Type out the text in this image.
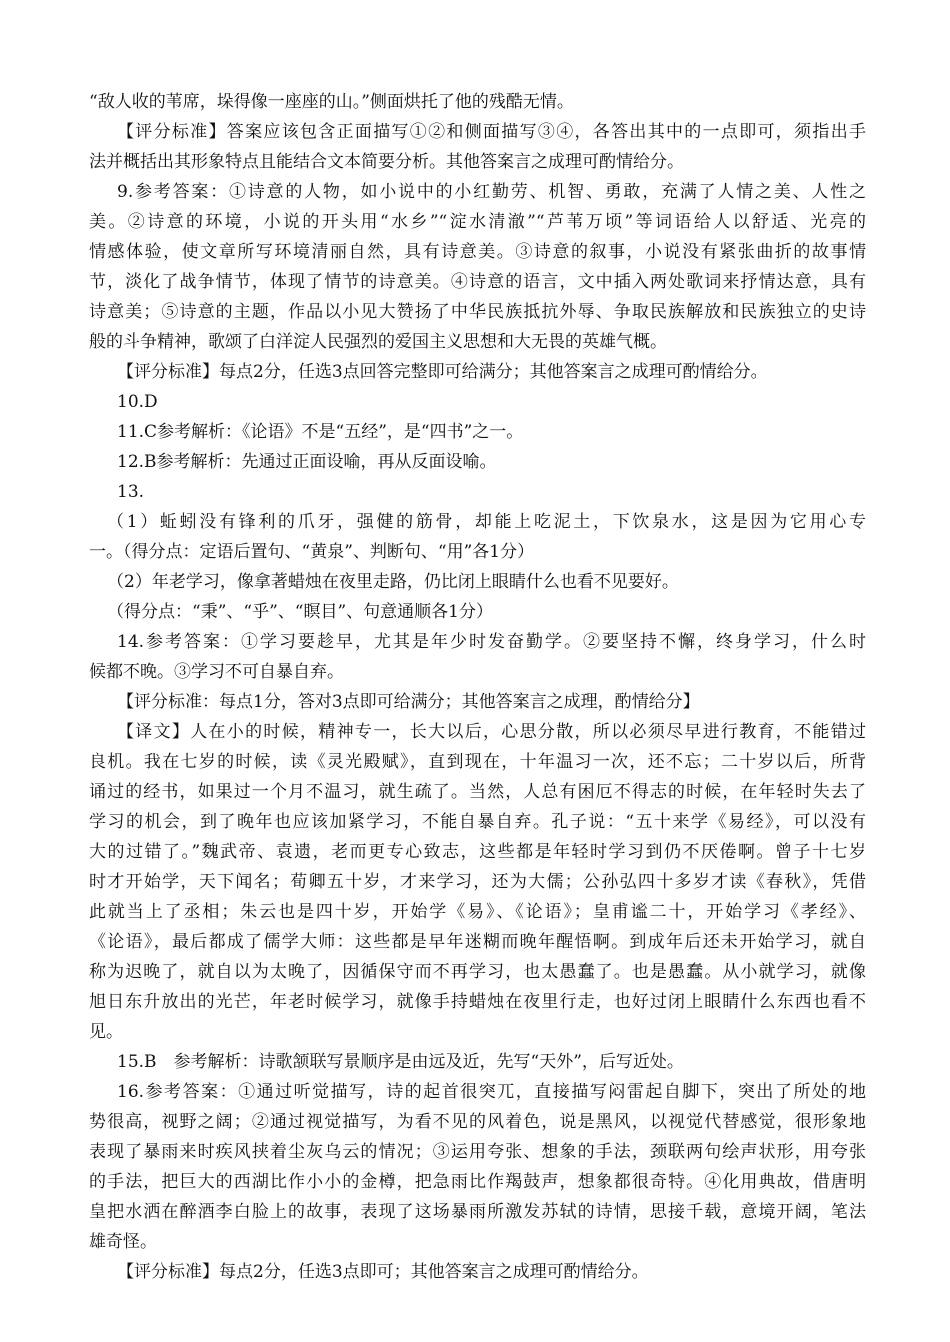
“敌人收的苇席，垛得像一座座的山。”侧面烘托了他的残酷无情。
【评分标准】答案应该包含正面描写①②和侧面描写③④，各答出其中的一点即可，须指出手
法并概括出其形象特点且能结合文本简要分析。其他答案言之成理可酌情给分。
9.参考答案：①诗意的人物，如小说中的小红勤劳、机智、勇敢，充满了人情之美、人性之
美。②诗意的环境，小说的开头用“水乡”“淀水清澈”“芦苇万顷”等词语给人以舒适、光亮的
情感体验，使文章所写环境清丽自然，具有诗意美。③诗意的叙事，小说没有紧张曲折的故事情
节，淡化了战争情节，体现了情节的诗意美。④诗意的语言，文中插入两处歌词来抒情达意，具有
诗意美；⑤诗意的主题，作品以小见大赞扬了中华民族抵抗外辱、争取民族解放和民族独立的史诗
般的斗争精神，歌颂了白洋淀人民强烈的爱国主义思想和大无畏的英雄气概。
【评分标准】每点2分，任选3点回答完整即可给满分；其他答案言之成理可酌情给分。
10.D
11.C参考解析：《论语》不是“五经”，是“四书”之一。
12.B参考解析：先通过正面设喻，再从反面设喻。
13.
（1）蚯蚓没有锋利的爪牙，强健的筋骨，却能上吃泥土，下饮泉水，这是因为它用心专
一。（得分点：定语后置句、“黄泉”、判断句、“用”各1分）
（2）年老学习，像拿著蜡烛在夜里走路，仍比闭上眼睛什么也看不见要好。
（得分点：“秉”、“乎”、“瞑目”、句意通顺各1分）
14.参考答案：①学习要趁早，尤其是年少时发奋勤学。②要坚持不懈，终身学习，什么时
候都不晚。③学习不可自暴自弃。
【评分标准：每点1分，答对3点即可给满分；其他答案言之成理，酌情给分】
【译文】人在小的时候，精神专一，长大以后，心思分散，所以必须尽早进行教育，不能错过
良机。我在七岁的时候，读《灵光殿赋》，直到现在，十年温习一次，还不忘；二十岁以后，所背
诵过的经书，如果过一个月不温习，就生疏了。当然，人总有困厄不得志的时候，在年轻时失去了
学习的机会，到了晚年也应该加紧学习，不能自暴自弃。孔子说：“五十来学《易经》，可以没有
大的过错了。”魏武帝、袁遗，老而更专心致志，这些都是年轻时学习到仍不厌倦啊。曾子十七岁
时才开始学，天下闻名；荀卿五十岁，才来学习，还为大儒；公孙弘四十多岁才读《春秋》，凭借
此就当上了丞相；朱云也是四十岁，开始学《易》、《论语》；皇甫谧二十，开始学习《孝经》、
《论语》，最后都成了儒学大师：这些都是早年迷糊而晚年醒悟啊。到成年后还未开始学习，就自
称为迟晚了，就自以为太晚了，因循保守而不再学习，也太愚蠢了。也是愚蠢。从小就学习，就像
旭日东升放出的光芒，年老时候学习，就像手持蜡烛在夜里行走，也好过闭上眼睛什么东西也看不
见。
15.B　参考解析：诗歌颔联写景顺序是由远及近，先写“天外”，后写近处。
16.参考答案：①通过听觉描写，诗的起首很突兀，直接描写闷雷起自脚下，突出了所处的地
势很高，视野之阔；②通过视觉描写，为看不见的风着色，说是黑风，以视觉代替感觉，很形象地
表现了暴雨来时疾风挟着尘灰乌云的情况；③运用夸张、想象的手法，颈联两句绘声状形，用夸张
的手法，把巨大的西湖比作小小的金樽，把急雨比作羯鼓声，想象都很奇特。④化用典故，借唐明
皇把水洒在醉酒李白脸上的故事，表现了这场暴雨所激发苏轼的诗情，思接千载，意境开阔，笔法
雄奇怪。
【评分标准】每点2分，任选3点即可；其他答案言之成理可酌情给分。
